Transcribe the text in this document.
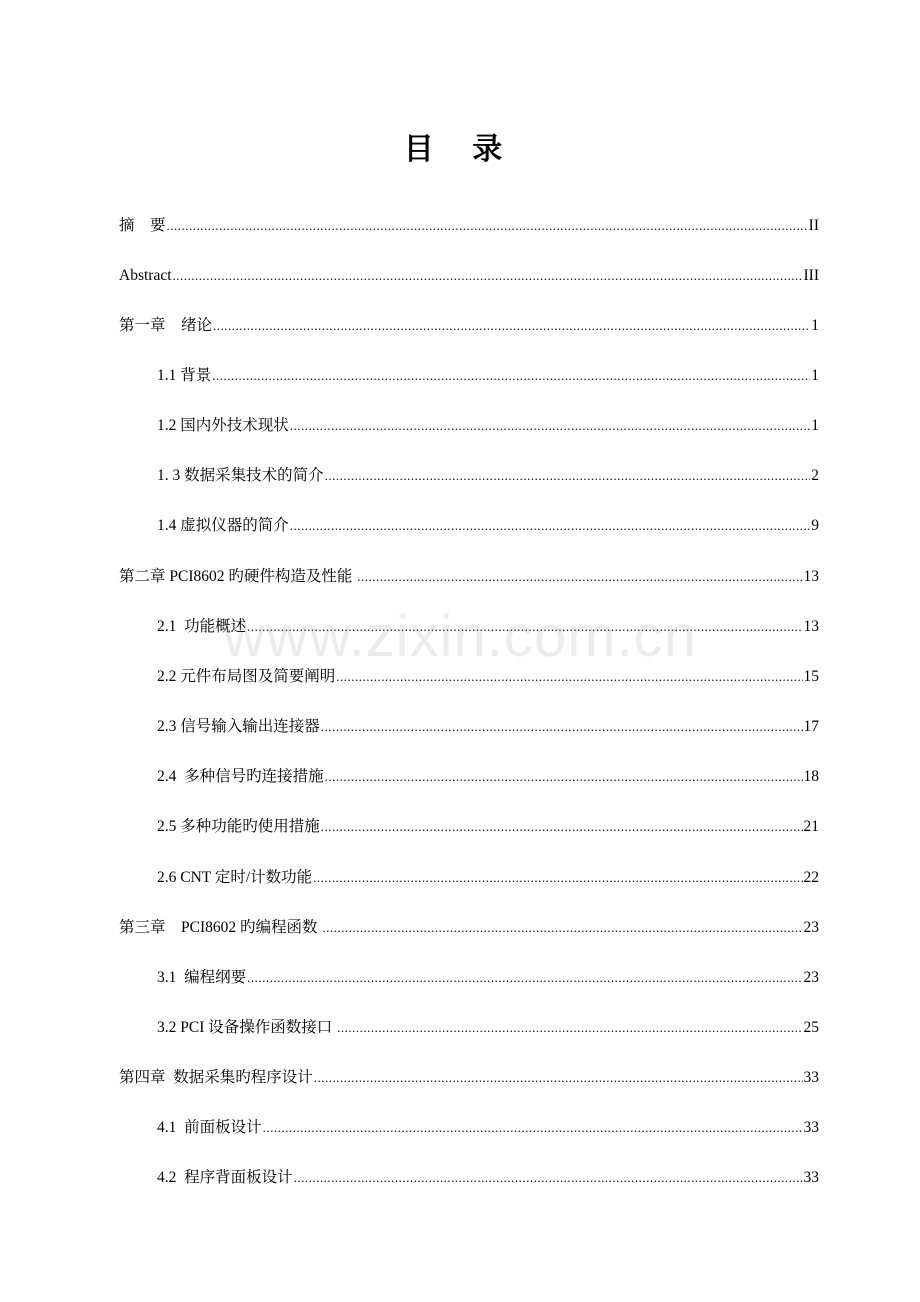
目 录
摘    要 .....	II
Abstract .....	III
第一章    绪论 .....	1
1.1 背景 .....	1
1.2 国内外技术现状 .....	1
1. 3 数据采集技术的简介 .....	2
1.4 虚拟仪器的简介 .....	9
第二章 PCI8602 旳硬件构造及性能 .....	13
2.1  功能概述 .....	13
2.2 元件布局图及简要阐明 .....	15
2.3 信号输入输出连接器 .....	17
2.4  多种信号旳连接措施 .....	18
2.5 多种功能旳使用措施 .....	21
2.6 CNT 定时/计数功能 .....	22
第三章    PCI8602 旳编程函数 .....	23
3.1  编程纲要 .....	23
3.2 PCI 设备操作函数接口 .....	25
第四章  数据采集旳程序设计 .....	33
4.1  前面板设计 .....	33
4.2  程序背面板设计 .....	33
www.zixin.com.cn
